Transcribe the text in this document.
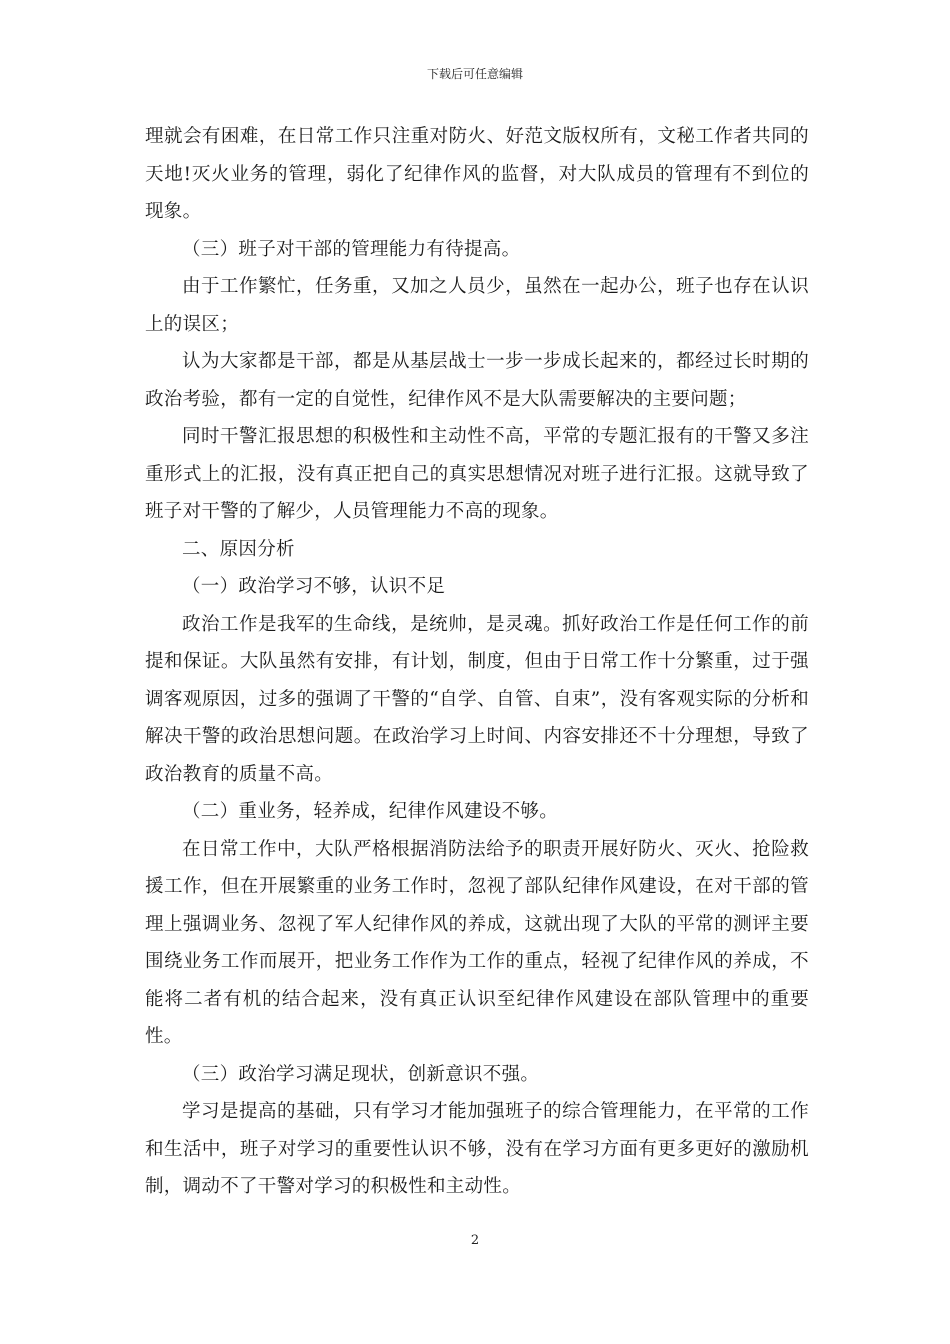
下载后可任意编辑

理就会有困难，在日常工作只注重对防火、好范文版权所有，文秘工作者共同的天地!灭火业务的管理，弱化了纪律作风的监督，对大队成员的管理有不到位的现象。

（三）班子对干部的管理能力有待提高。

由于工作繁忙，任务重，又加之人员少，虽然在一起办公，班子也存在认识上的误区；

认为大家都是干部，都是从基层战士一步一步成长起来的，都经过长时期的政治考验，都有一定的自觉性，纪律作风不是大队需要解决的主要问题；

同时干警汇报思想的积极性和主动性不高，平常的专题汇报有的干警又多注重形式上的汇报，没有真正把自己的真实思想情况对班子进行汇报。这就导致了班子对干警的了解少，人员管理能力不高的现象。

二、原因分析

（一）政治学习不够，认识不足

政治工作是我军的生命线，是统帅，是灵魂。抓好政治工作是任何工作的前提和保证。大队虽然有安排，有计划，制度，但由于日常工作十分繁重，过于强调客观原因，过多的强调了干警的“自学、自管、自束”，没有客观实际的分析和解决干警的政治思想问题。在政治学习上时间、内容安排还不十分理想，导致了政治教育的质量不高。

（二）重业务，轻养成，纪律作风建设不够。

在日常工作中，大队严格根据消防法给予的职责开展好防火、灭火、抢险救援工作，但在开展繁重的业务工作时，忽视了部队纪律作风建设，在对干部的管理上强调业务、忽视了军人纪律作风的养成，这就出现了大队的平常的测评主要围绕业务工作而展开，把业务工作作为工作的重点，轻视了纪律作风的养成，不能将二者有机的结合起来，没有真正认识至纪律作风建设在部队管理中的重要性。

（三）政治学习满足现状，创新意识不强。

学习是提高的基础，只有学习才能加强班子的综合管理能力，在平常的工作和生活中，班子对学习的重要性认识不够，没有在学习方面有更多更好的激励机制，调动不了干警对学习的积极性和主动性。

2
